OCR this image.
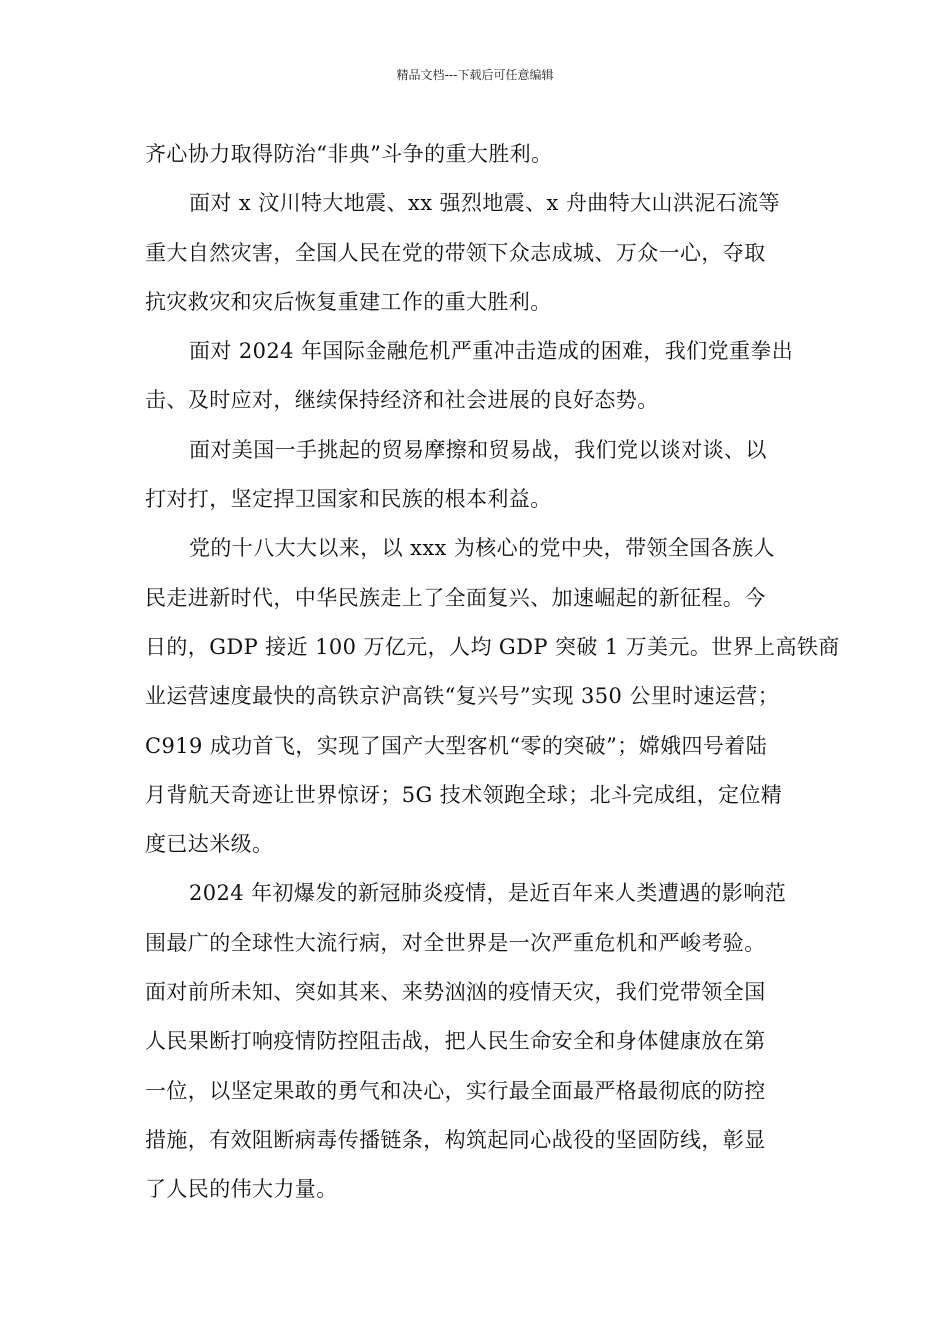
精品文档---下载后可任意编辑
齐心协力取得防治“非典”斗争的重大胜利。
面对 x 汶川特大地震、xx 强烈地震、x 舟曲特大山洪泥石流等
重大自然灾害，全国人民在党的带领下众志成城、万众一心，夺取
抗灾救灾和灾后恢复重建工作的重大胜利。
面对 2024 年国际金融危机严重冲击造成的困难，我们党重拳出
击、及时应对，继续保持经济和社会进展的良好态势。
面对美国一手挑起的贸易摩擦和贸易战，我们党以谈对谈、以
打对打，坚定捍卫国家和民族的根本利益。
党的十八大大以来，以 xxx 为核心的党中央，带领全国各族人
民走进新时代，中华民族走上了全面复兴、加速崛起的新征程。今
日的，GDP 接近 100 万亿元，人均 GDP 突破 1 万美元。世界上高铁商
业运营速度最快的高铁京沪高铁“复兴号”实现 350 公里时速运营；
C919 成功首飞，实现了国产大型客机“零的突破”；嫦娥四号着陆
月背航天奇迹让世界惊讶；5G 技术领跑全球；北斗完成组，定位精
度已达米级。
2024 年初爆发的新冠肺炎疫情，是近百年来人类遭遇的影响范
围最广的全球性大流行病，对全世界是一次严重危机和严峻考验。
面对前所未知、突如其来、来势汹汹的疫情天灾，我们党带领全国
人民果断打响疫情防控阻击战，把人民生命安全和身体健康放在第
一位，以坚定果敢的勇气和决心，实行最全面最严格最彻底的防控
措施，有效阻断病毒传播链条，构筑起同心战役的坚固防线，彰显
了人民的伟大力量。
